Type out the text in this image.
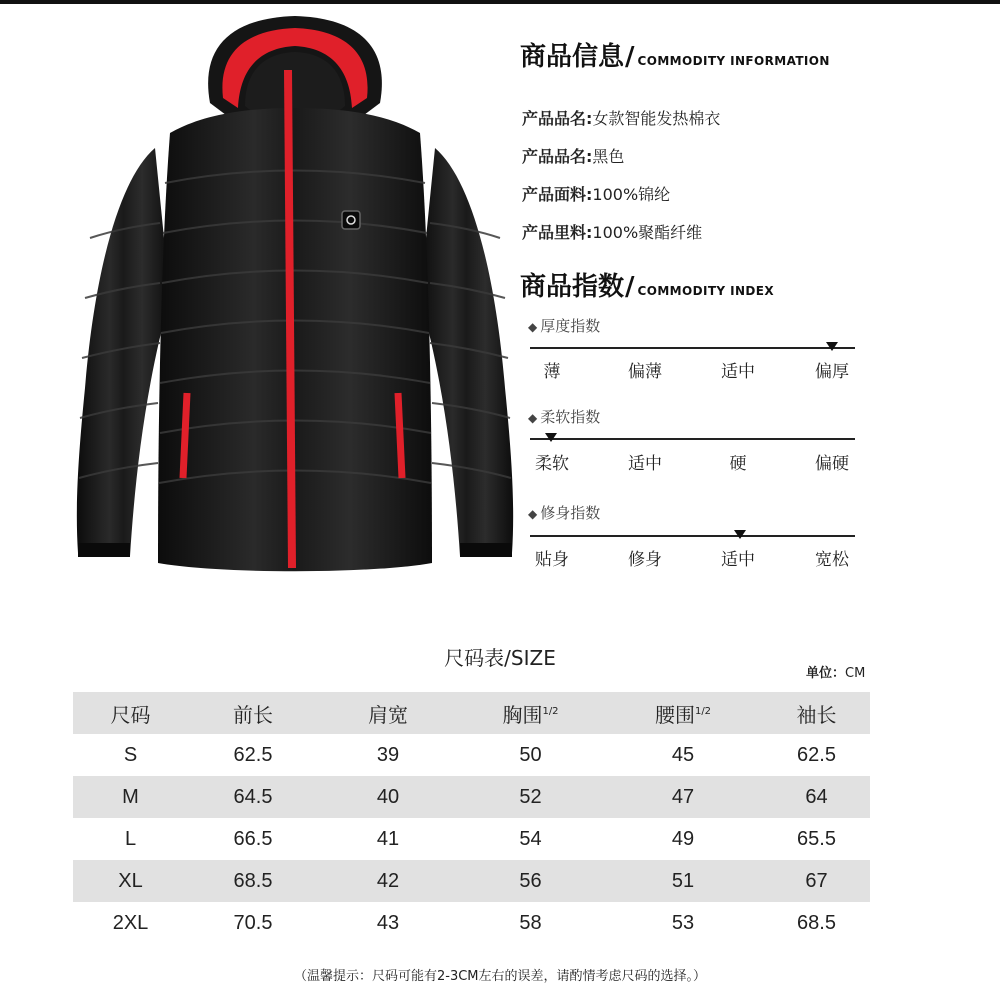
商品信息 / COMMODITY INFORMATION
产品品名:女款智能发热棉衣
产品品名:黑色
产品面料:100%锦纶
产品里料:100%聚酯纤维
商品指数 / COMMODITY INDEX
◆ 厚度指数
薄	偏薄	适中	偏厚
◆ 柔软指数
柔软	适中	硬	偏硬
◆ 修身指数
贴身	修身	适中	宽松
尺码表/SIZE
单位：CM
尺码	前长	肩宽	胸围$^{1/2}$	腰围$^{1/2}$	袖长
S	62.5	39	50	45	62.5
M	64.5	40	52	47	64
L	66.5	41	54	49	65.5
XL	68.5	42	56	51	67
2XL	70.5	43	58	53	68.5
（温馨提示：尺码可能有2-3CM左右的误差，请酌情考虑尺码的选择。）
